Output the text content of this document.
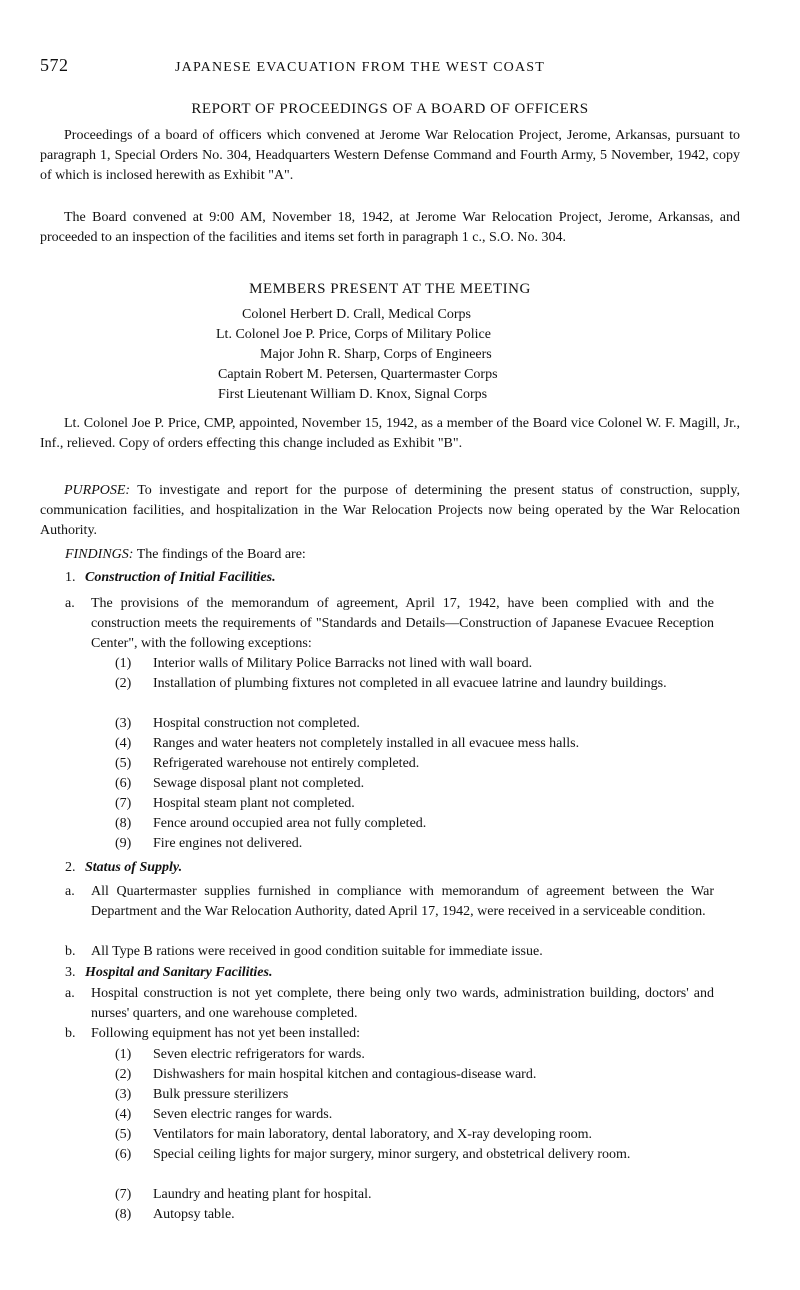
572	JAPANESE EVACUATION FROM THE WEST COAST
REPORT OF PROCEEDINGS OF A BOARD OF OFFICERS
Proceedings of a board of officers which convened at Jerome War Relocation Project, Jerome, Arkansas, pursuant to paragraph 1, Special Orders No. 304, Headquarters Western Defense Command and Fourth Army, 5 November, 1942, copy of which is inclosed herewith as Exhibit "A".
The Board convened at 9:00 AM, November 18, 1942, at Jerome War Relocation Project, Jerome, Arkansas, and proceeded to an inspection of the facilities and items set forth in paragraph 1 c., S.O. No. 304.
MEMBERS PRESENT AT THE MEETING
Colonel Herbert D. Crall, Medical Corps
Lt. Colonel Joe P. Price, Corps of Military Police
Major John R. Sharp, Corps of Engineers
Captain Robert M. Petersen, Quartermaster Corps
First Lieutenant William D. Knox, Signal Corps
Lt. Colonel Joe P. Price, CMP, appointed, November 15, 1942, as a member of the Board vice Colonel W. F. Magill, Jr., Inf., relieved. Copy of orders effecting this change included as Exhibit "B".
PURPOSE: To investigate and report for the purpose of determining the present status of construction, supply, communication facilities, and hospitalization in the War Relocation Projects now being operated by the War Relocation Authority.
FINDINGS: The findings of the Board are:
1. Construction of Initial Facilities.
a. The provisions of the memorandum of agreement, April 17, 1942, have been complied with and the construction meets the requirements of "Standards and Details—Construction of Japanese Evacuee Reception Center", with the following exceptions:
(1) Interior walls of Military Police Barracks not lined with wall board.
(2) Installation of plumbing fixtures not completed in all evacuee latrine and laundry buildings.
(3) Hospital construction not completed.
(4) Ranges and water heaters not completely installed in all evacuee mess halls.
(5) Refrigerated warehouse not entirely completed.
(6) Sewage disposal plant not completed.
(7) Hospital steam plant not completed.
(8) Fence around occupied area not fully completed.
(9) Fire engines not delivered.
2. Status of Supply.
a. All Quartermaster supplies furnished in compliance with memorandum of agreement between the War Department and the War Relocation Authority, dated April 17, 1942, were received in a serviceable condition.
b. All Type B rations were received in good condition suitable for immediate issue.
3. Hospital and Sanitary Facilities.
a. Hospital construction is not yet complete, there being only two wards, administration building, doctors' and nurses' quarters, and one warehouse completed.
b. Following equipment has not yet been installed:
(1) Seven electric refrigerators for wards.
(2) Dishwashers for main hospital kitchen and contagious-disease ward.
(3) Bulk pressure sterilizers
(4) Seven electric ranges for wards.
(5) Ventilators for main laboratory, dental laboratory, and X-ray developing room.
(6) Special ceiling lights for major surgery, minor surgery, and obstetrical delivery room.
(7) Laundry and heating plant for hospital.
(8) Autopsy table.
